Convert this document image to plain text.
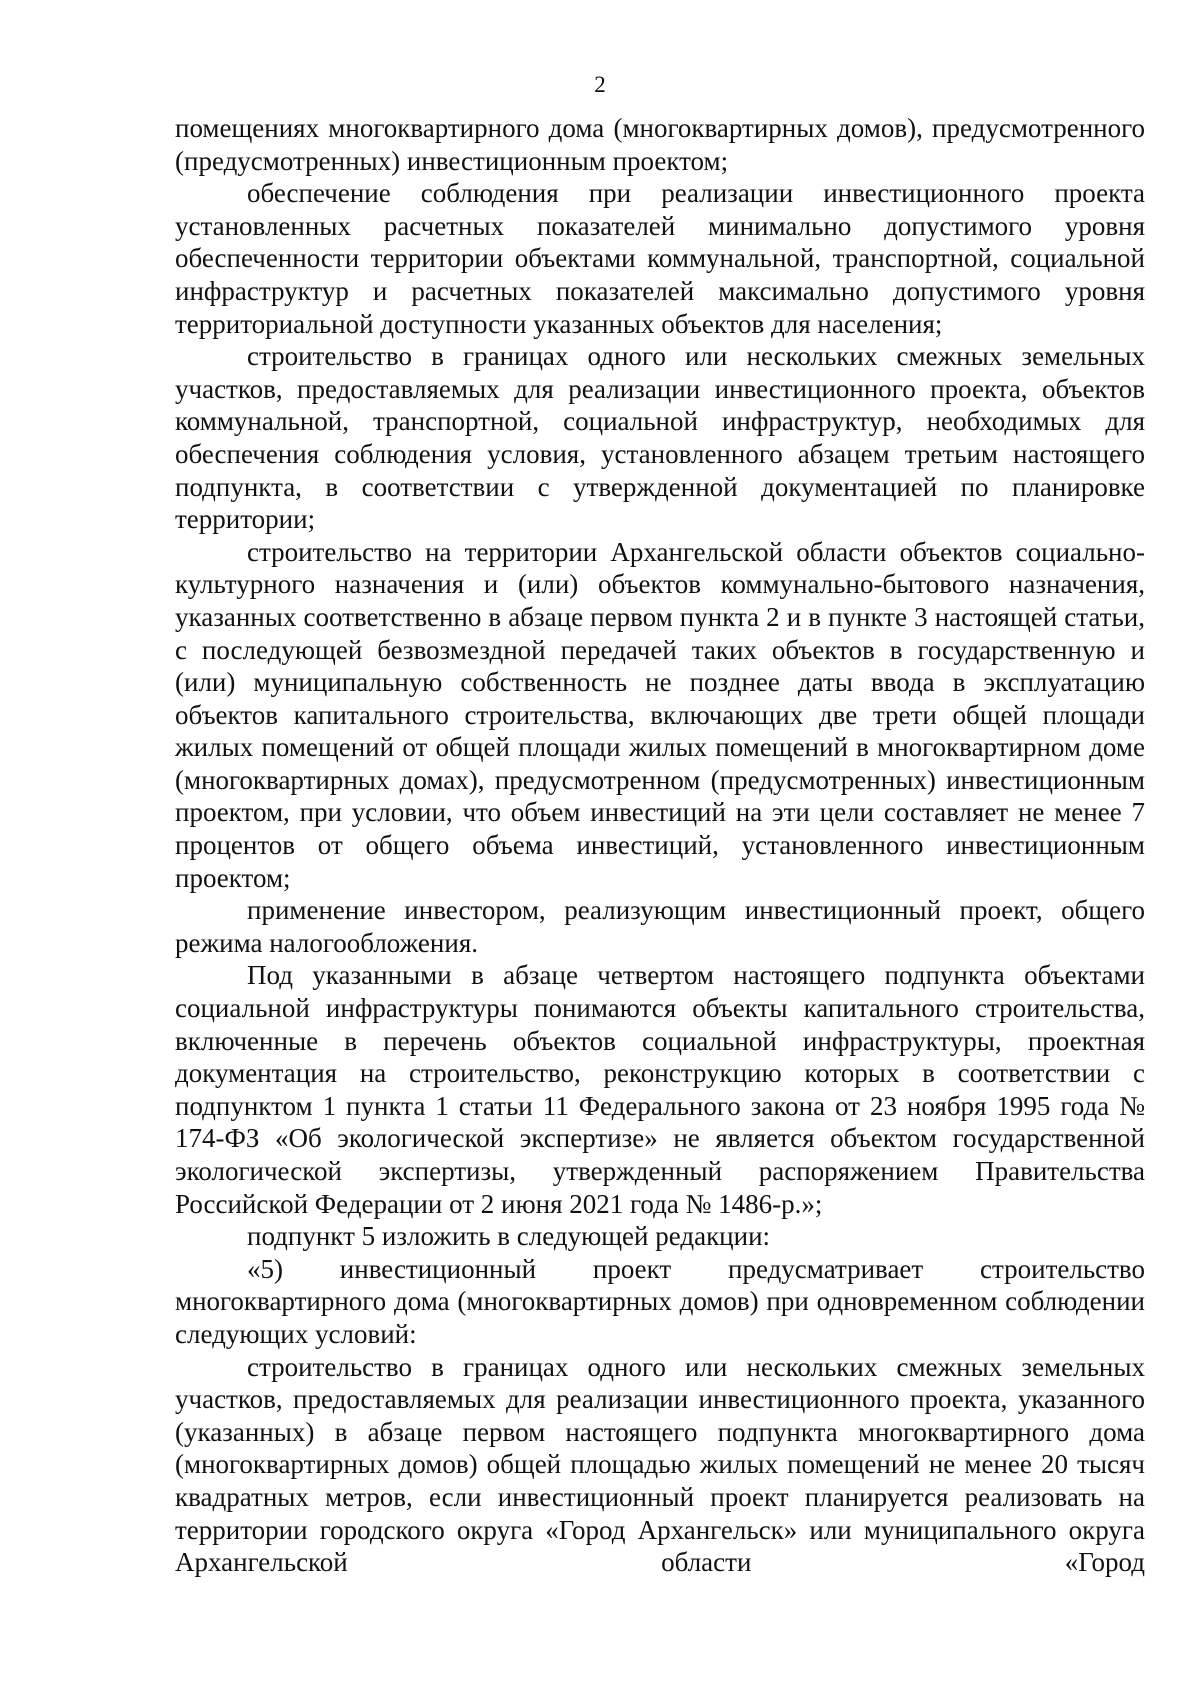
2

помещениях многоквартирного дома (многоквартирных домов), предусмотренного (предусмотренных) инвестиционным проектом;

обеспечение соблюдения при реализации инвестиционного проекта установленных расчетных показателей минимально допустимого уровня обеспеченности территории объектами коммунальной, транспортной, социальной инфраструктур и расчетных показателей максимально допустимого уровня территориальной доступности указанных объектов для населения;

строительство в границах одного или нескольких смежных земельных участков, предоставляемых для реализации инвестиционного проекта, объектов коммунальной, транспортной, социальной инфраструктур, необходимых для обеспечения соблюдения условия, установленного абзацем третьим настоящего подпункта, в соответствии с утвержденной документацией по планировке территории;

строительство на территории Архангельской области объектов социально-культурного назначения и (или) объектов коммунально-бытового назначения, указанных соответственно в абзаце первом пункта 2 и в пункте 3 настоящей статьи, с последующей безвозмездной передачей таких объектов в государственную и (или) муниципальную собственность не позднее даты ввода в эксплуатацию объектов капитального строительства, включающих две трети общей площади жилых помещений от общей площади жилых помещений в многоквартирном доме (многоквартирных домах), предусмотренном (предусмотренных) инвестиционным проектом, при условии, что объем инвестиций на эти цели составляет не менее 7 процентов от общего объема инвестиций, установленного инвестиционным проектом;

применение инвестором, реализующим инвестиционный проект, общего режима налогообложения.

Под указанными в абзаце четвертом настоящего подпункта объектами социальной инфраструктуры понимаются объекты капитального строительства, включенные в перечень объектов социальной инфраструктуры, проектная документация на строительство, реконструкцию которых в соответствии с подпунктом 1 пункта 1 статьи 11 Федерального закона от 23 ноября 1995 года № 174-ФЗ «Об экологической экспертизе» не является объектом государственной экологической экспертизы, утвержденный распоряжением Правительства Российской Федерации от 2 июня 2021 года № 1486-р.»;

подпункт 5 изложить в следующей редакции:

«5) инвестиционный проект предусматривает строительство многоквартирного дома (многоквартирных домов) при одновременном соблюдении следующих условий:

строительство в границах одного или нескольких смежных земельных участков, предоставляемых для реализации инвестиционного проекта, указанного (указанных) в абзаце первом настоящего подпункта многоквартирного дома (многоквартирных домов) общей площадью жилых помещений не менее 20 тысяч квадратных метров, если инвестиционный проект планируется реализовать на территории городского округа «Город Архангельск» или муниципального округа Архангельской области «Город
